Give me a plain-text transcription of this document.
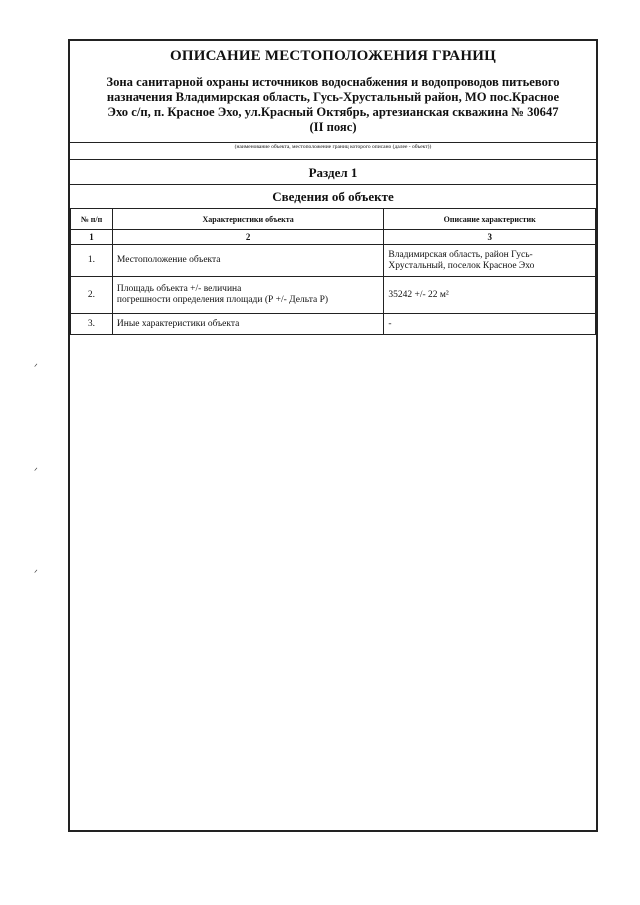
ОПИСАНИЕ МЕСТОПОЛОЖЕНИЯ ГРАНИЦ
Зона санитарной охраны источников водоснабжения и водопроводов питьевого
назначения Владимирская область, Гусь-Хрустальный район, МО пос.Красное
Эхо с/п, п. Красное Эхо, ул.Красный Октябрь, артезианская скважина № 30647
(II пояс)
(наименование объекта, местоположение границ которого описано (далее - объект))
Раздел 1
Сведения об объекте
№ п/п	Характеристики объекта	Описание характеристик
1	2	3
1.	Местоположение объекта	Владимирская область, район Гусь-
Хрустальный, поселок Красное Эхо

2.	Площадь объекта +/- величина
погрешности определения площади (Р +/- Дельта Р)	35242 +/- 22 м²

3.	Иные характеристики объекта	-
ᐟ
ᐟ
ᐟ
